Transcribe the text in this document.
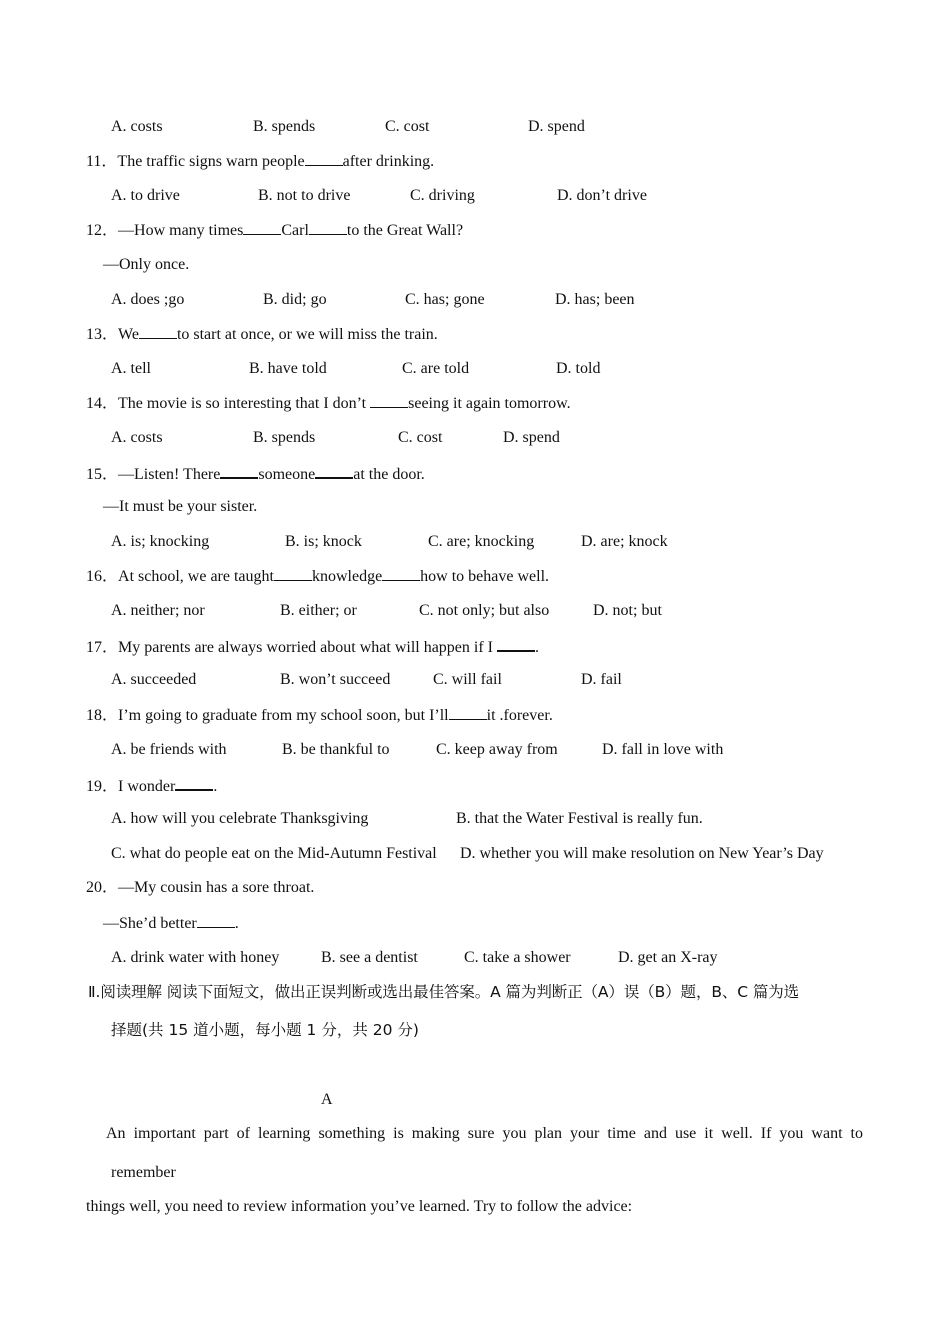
A. costs	B. spends	C. cost	D. spend
11．The traffic signs warn people after drinking.
A. to drive	B. not to drive	C. driving	D. don’t drive
12．—How many times Carl to the Great Wall?
—Only once.
A. does ;go	B. did; go	C. has; gone	D. has; been
13．We to start at once, or we will miss the train.
A. tell	B. have told	C. are told	D. told
14．The movie is so interesting that I don’t seeing it again tomorrow.
A. costs	B. spends	C. cost	D. spend
15．—Listen! There someone at the door.
—It must be your sister.
A. is; knocking	B. is; knock	C. are; knocking	D. are; knock
16．At school, we are taught knowledge how to behave well.
A. neither; nor	B. either; or	C. not only; but also	D. not; but
17．My parents are always worried about what will happen if I .
A. succeeded	B. won’t succeed	C. will fail	D. fail
18．I’m going to graduate from my school soon, but I’ll it .forever.
A. be friends with	B. be thankful to	C. keep away from	D. fall in love with
19．I wonder .
A. how will you celebrate Thanksgiving	B. that the Water Festival is really fun.
C. what do people eat on the Mid-Autumn Festival D. whether you will make resolution on New Year’s Day
20．—My cousin has a sore throat.
—She’d better .
A. drink water with honey	B. see a dentist	C. take a shower	D. get an X-ray
Ⅱ.阅读理解 阅读下面短文，做出正误判断或选出最佳答案。A 篇为判断正（A）误（B）题，B、C 篇为选
择题(共 15 道小题，每小题 1 分，共 20 分)
A
An important part of learning something is making sure you plan your time and use it well. If you want to
remember
things well, you need to review information you’ve learned. Try to follow the advice:
